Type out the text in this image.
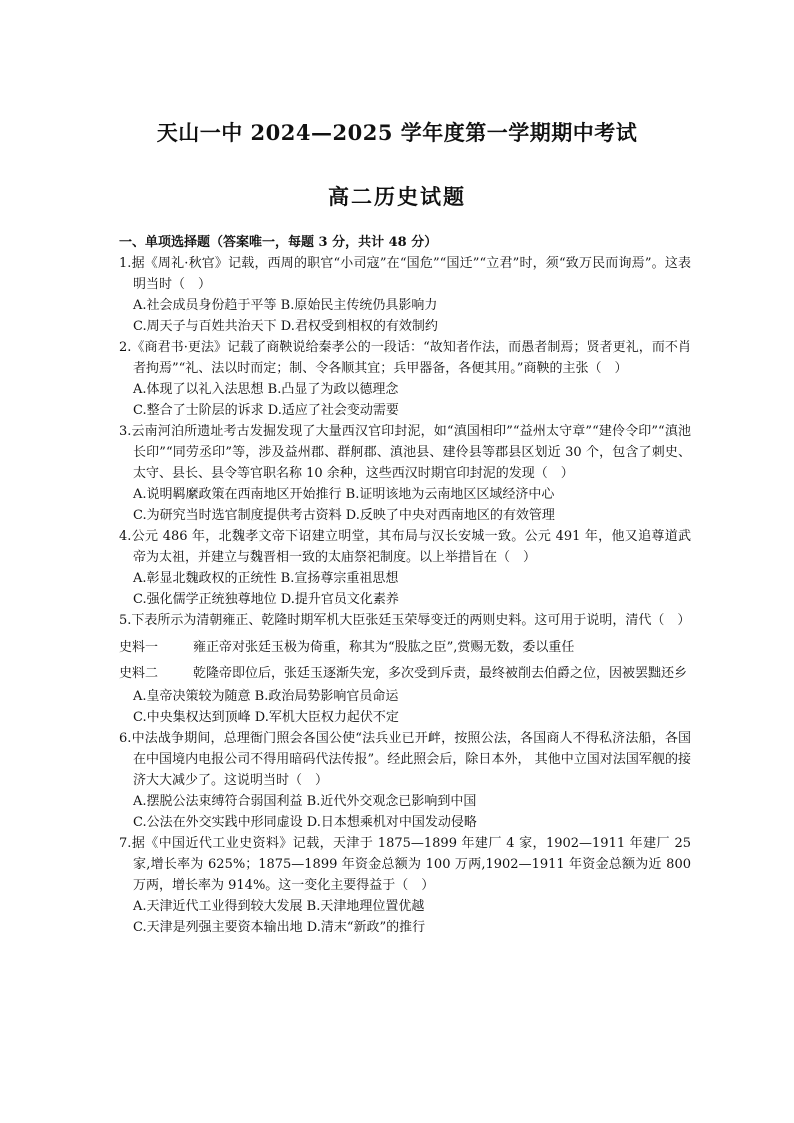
天山一中 2024—2025 学年度第一学期期中考试
高二历史试题
一、单项选择题（答案唯一，每题 3 分，共计 48 分）
1.据《周礼·秋官》记载，西周的职官“小司寇”在“国危”“国迁”“立君”时，须“致万民而询焉”。这表明当时（　）
A.社会成员身份趋于平等 B.原始民主传统仍具影响力
C.周天子与百姓共治天下 D.君权受到相权的有效制约
2.《商君书·更法》记载了商鞅说给秦孝公的一段话：“故知者作法，而愚者制焉；贤者更礼，而不肖者拘焉”“礼、法以时而定；制、令各顺其宜；兵甲器备，各便其用。”商鞅的主张（　）
A.体现了以礼入法思想 B.凸显了为政以德理念
C.整合了士阶层的诉求 D.适应了社会变动需要
3.云南河泊所遗址考古发掘发现了大量西汉官印封泥，如“滇国相印”“益州太守章”“建伶令印”“滇池长印”“同劳丞印”等，涉及益州郡、群舸郡、滇池县、建伶县等郡县区划近 30 个，包含了刺史、太守、县长、县令等官职名称 10 余种，这些西汉时期官印封泥的发现（　）
A.说明羁縻政策在西南地区开始推行 B.证明该地为云南地区区域经济中心
C.为研究当时选官制度提供考古资料 D.反映了中央对西南地区的有效管理
4.公元 486 年，北魏孝文帝下诏建立明堂，其布局与汉长安城一致。公元 491 年，他又追尊道武帝为太祖，并建立与魏晋相一致的太庙祭祀制度。以上举措旨在（　）
A.彰显北魏政权的正统性 B.宣扬尊宗重祖思想
C.强化儒学正统独尊地位 D.提升官员文化素养
5.下表所示为清朝雍正、乾隆时期军机大臣张廷玉荣辱变迁的两则史料。这可用于说明，清代（　）
史料一	雍正帝对张廷玉极为倚重，称其为“股肱之臣”,赏赐无数，委以重任
史料二	乾隆帝即位后，张廷玉逐渐失宠，多次受到斥责，最终被削去伯爵之位，因被罢黜还乡
A.皇帝决策较为随意 B.政治局势影响官员命运
C.中央集权达到顶峰 D.军机大臣权力起伏不定
6.中法战争期间，总理衙门照会各国公使“法兵业已开衅，按照公法，各国商人不得私济法船，各国在中国境内电报公司不得用暗码代法传报”。经此照会后，除日本外， 其他中立国对法国军舰的接济大大减少了。这说明当时（　）
A.摆脱公法束缚符合弱国利益 B.近代外交观念已影响到中国
C.公法在外交实践中形同虚设 D.日本想乘机对中国发动侵略
7.据《中国近代工业史资料》记载，天津于 1875—1899 年建厂 4 家，1902—1911 年建厂 25 家,增长率为 625%；1875—1899 年资金总额为 100 万两,1902—1911 年资金总额为近 800 万两，增长率为 914%。这一变化主要得益于（　）
A.天津近代工业得到较大发展 B.天津地理位置优越
C.天津是列强主要资本输出地 D.清末“新政”的推行
